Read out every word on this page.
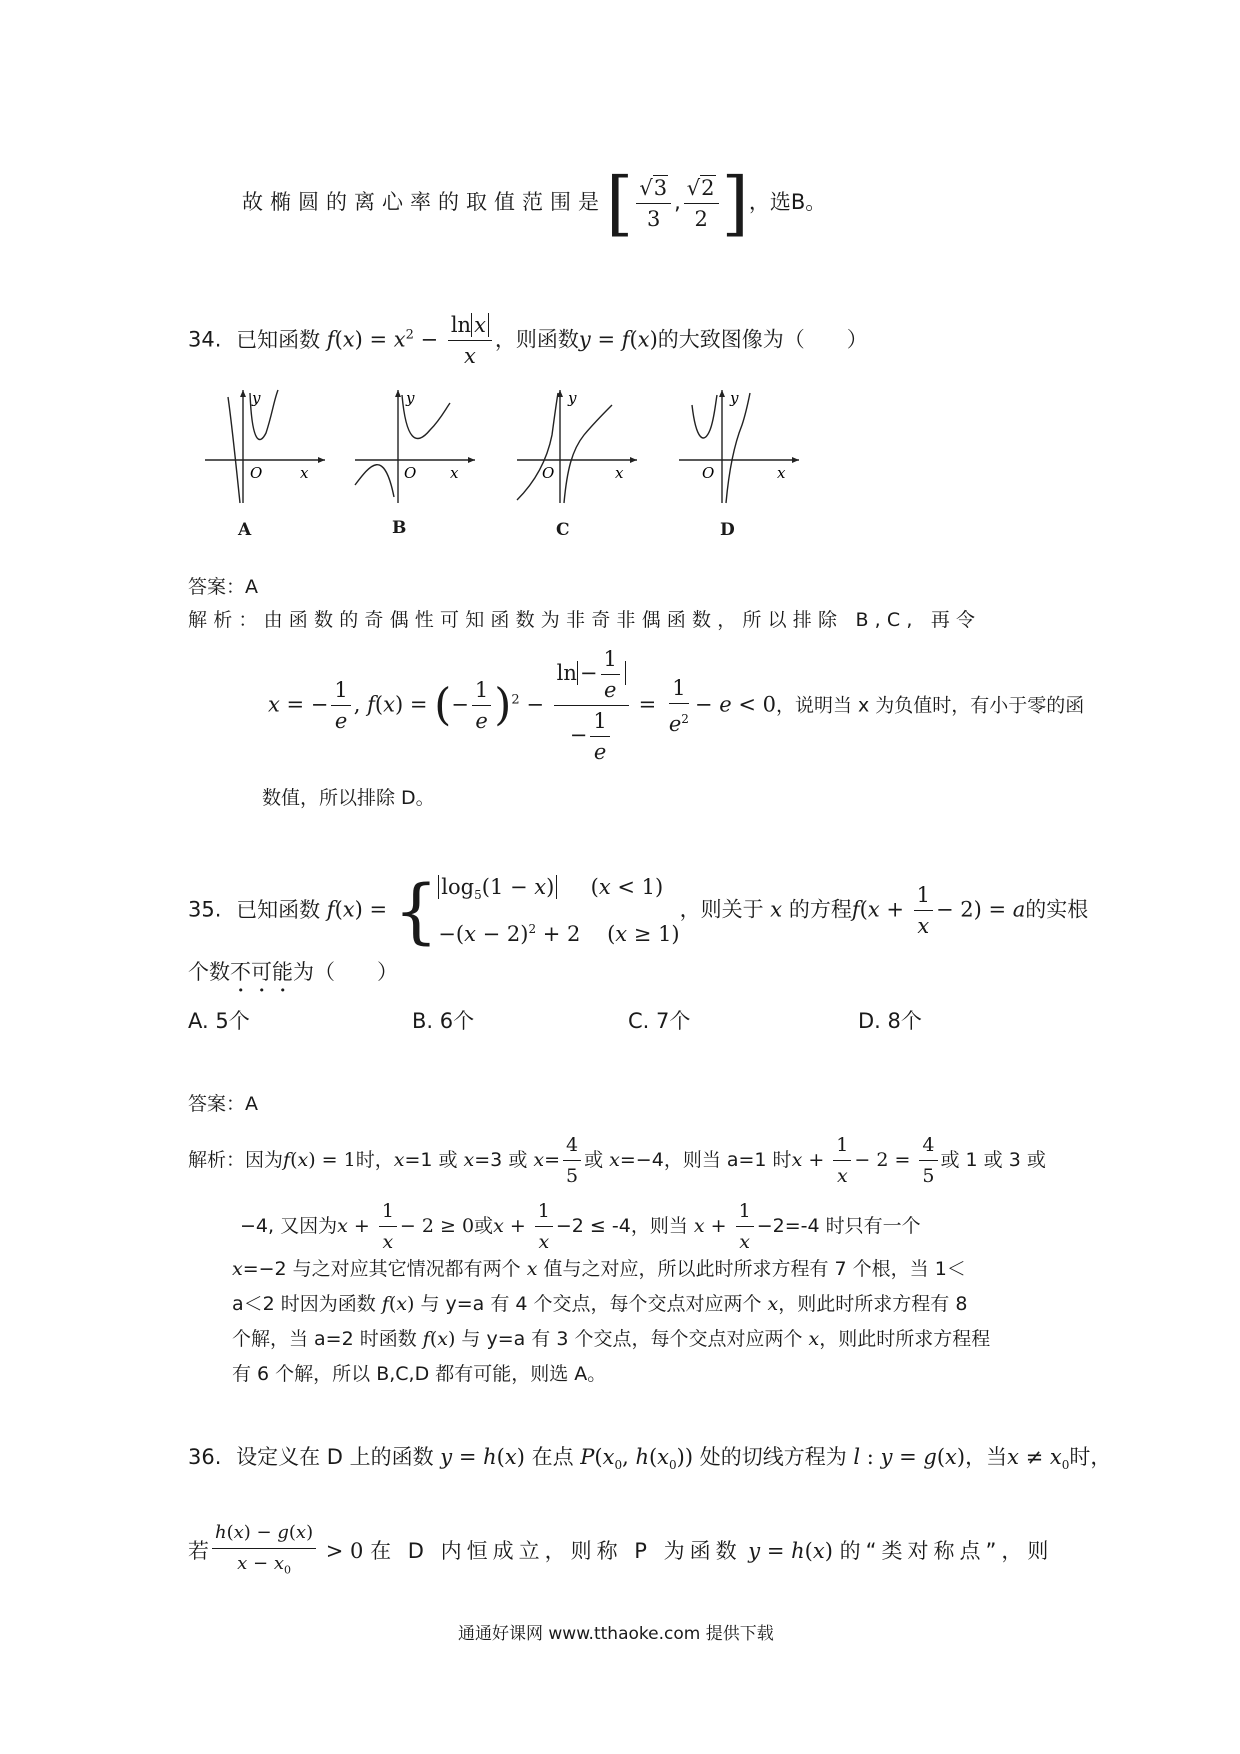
故椭圆的离心率的取值范围是[ $\frac{√3}{3}$ , $\frac{√2}{2}$ ]，选B。
34. 已知函数 $f(x) = x^2 - \frac{\text{ln x}}{x}$ ，则函数y = f(x)的大致图像为（　　）
y
O	x
A
y
O x
B
y
O	x
C
y
O	x
D
答案：A
解析：由函数的奇偶性可知函数为非奇非偶函数，所以排除 B,C, 再令
x = − $\frac{1}{e}$ , f(x) = (− $\frac{1}{e} )^2 - \frac{\ln - \frac{1}{e}}{- \frac{1}{e}} = \frac{1}{e^2} - e < 0$，说明当 x 为负值时，有小于零的函
数值，所以排除 D。
35. 已知函数 f(x) = { $\log_5(1 - x)$     (x < 1)
$-(x - 2)^2 + 2$    (x ≥ 1)
，则关于 x 的方程$f(x + \frac{1}{x} - 2) = a$的实根
个数不可能为（　　）
A. 5个	B. 6个	C. 7个	D. 8个
答案：A
解析：因为f(x) = 1时，x=1 或 x=3 或 $x= \frac{4}{5}$ 或 x=−4，则当 a=1 时$x + \frac{1}{x} - 2 = \frac{4}{5}$ 或 1 或 3 或
−4, 又因为$x + \frac{1}{x} - 2 \ge 0$或$x + \frac{1}{x} -2 \le -4$，则当 $x + \frac{1}{x} -2=-4$ 时只有一个
x=−2 与之对应其它情况都有两个 x 值与之对应，所以此时所求方程有 7 个根，当 1＜
a＜2 时因为函数 f(x) 与 y=a 有 4 个交点，每个交点对应两个 x，则此时所求方程有 8
个解，当 a=2 时函数 f(x) 与 y=a 有 3 个交点，每个交点对应两个 x，则此时所求方程程
有 6 个解，所以 B,C,D 都有可能，则选 A。
36. 设定义在 D 上的函数 y = h(x) 在点 $P(x_0$, $h(x_0)$) 处的切线方程为 l : y = g(x)，当$x \ne x_0$时，
若 $\frac{h(x) - g(x)}{x - x_0} > 0$ 在 D 内恒成立，则称 P 为函数 y = h(x) 的“类对称点”，则
通通好课网 www.tthaoke.com 提供下载
